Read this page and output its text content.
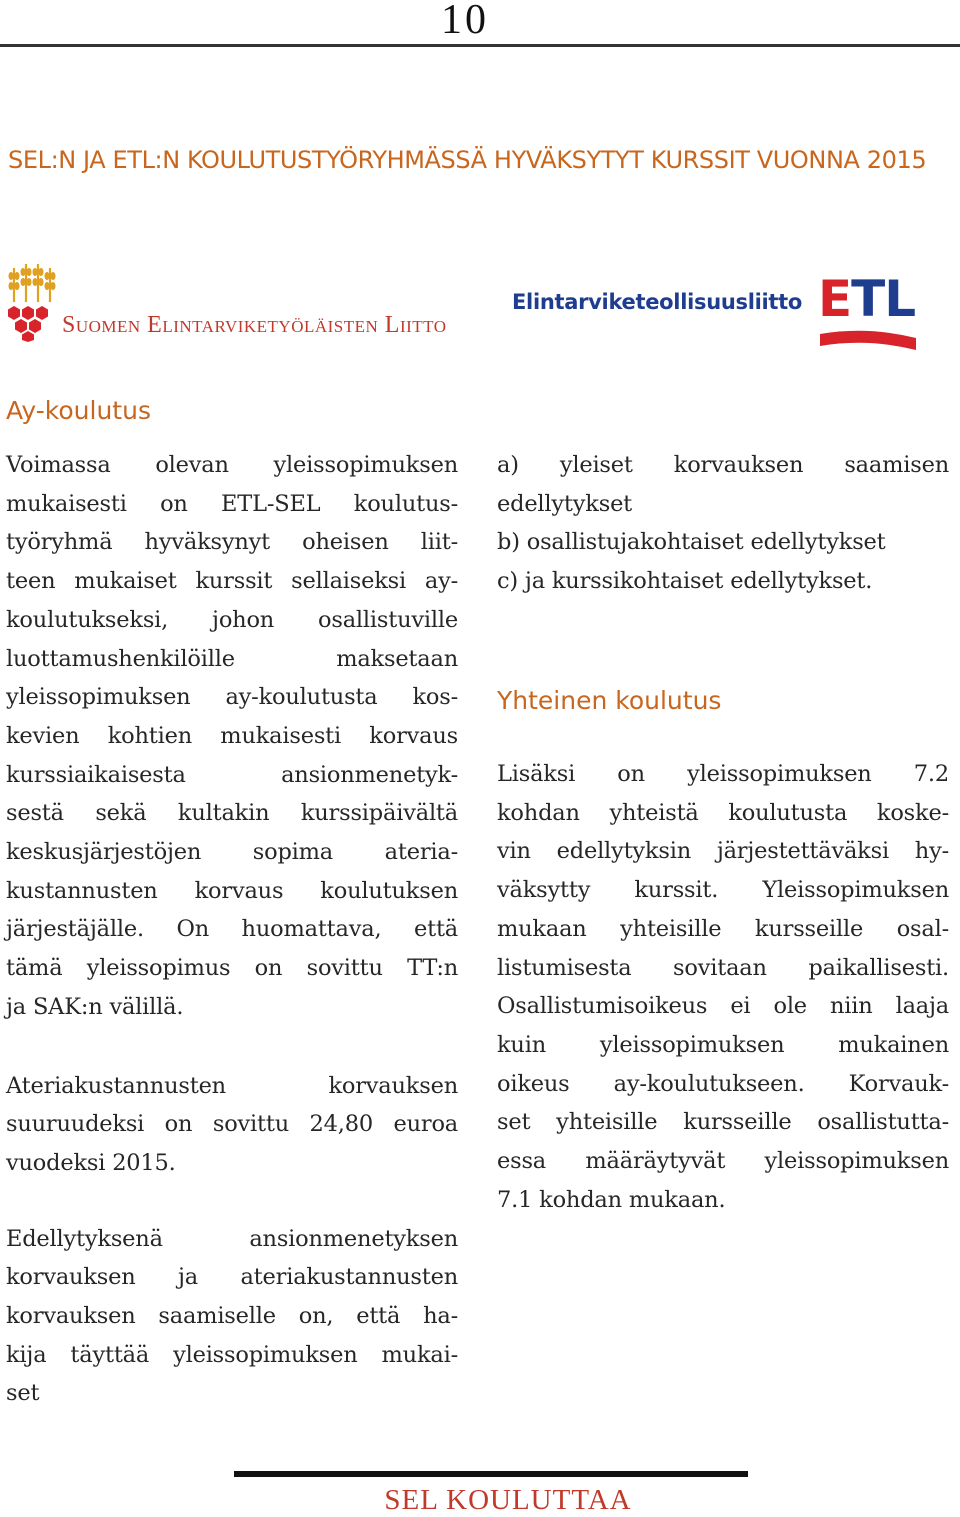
10
SEL:N JA ETL:N KOULUTUSTYÖRYHMÄSSÄ HYVÄKSYTYT KURSSIT VUONNA 2015
Suomen Elintarviketyöläisten Liitto
Elintarviketeollisuusliitto ETL
Ay-koulutus
Voimassa olevan yleissopimuksen
mukaisesti on ETL-SEL koulutus-
työryhmä hyväksynyt oheisen liit-
teen mukaiset kurssit sellaiseksi ay-
koulutukseksi, johon osallistuville
luottamushenkilöille maksetaan
yleissopimuksen ay-koulutusta kos-
kevien kohtien mukaisesti korvaus
kurssiaikaisesta ansionmenetyk-
sestä sekä kultakin kurssipäivältä
keskusjärjestöjen sopima ateria-
kustannusten korvaus koulutuksen
järjestäjälle. On huomattava, että
tämä yleissopimus on sovittu TT:n
ja SAK:n välillä.
Ateriakustannusten korvauksen
suuruudeksi on sovittu 24,80 euroa
vuodeksi 2015.
Edellytyksenä ansionmenetyksen
korvauksen ja ateriakustannusten
korvauksen saamiselle on, että ha-
kija täyttää yleissopimuksen mukai-
set
a) yleiset korvauksen saamisen
edellytykset
b) osallistujakohtaiset edellytykset
c) ja kurssikohtaiset edellytykset.
Yhteinen koulutus
Lisäksi on yleissopimuksen 7.2
kohdan yhteistä koulutusta koske-
vin edellytyksin järjestettäväksi hy-
väksytty kurssit. Yleissopimuksen
mukaan yhteisille kursseille osal-
listumisesta sovitaan paikallisesti.
Osallistumisoikeus ei ole niin laaja
kuin yleissopimuksen mukainen
oikeus ay-koulutukseen. Korvauk-
set yhteisille kursseille osallistutta-
essa määräytyvät yleissopimuksen
7.1 kohdan mukaan.
SEL KOULUTTAA
